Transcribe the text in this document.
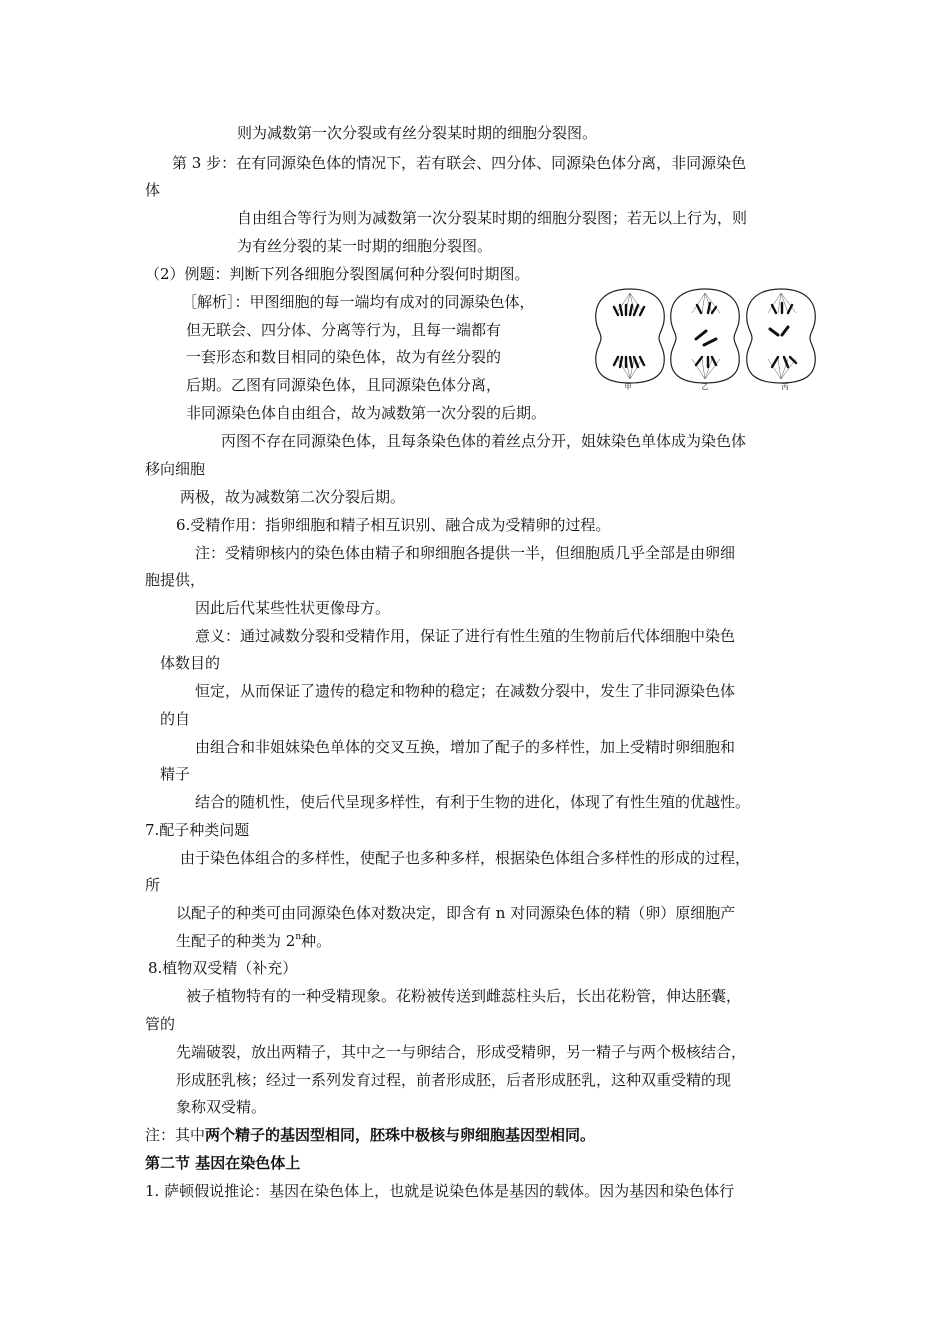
则为减数第一次分裂或有丝分裂某时期的细胞分裂图。
第 3 步：在有同源染色体的情况下，若有联会、四分体、同源染色体分离，非同源染色
体
自由组合等行为则为减数第一次分裂某时期的细胞分裂图；若无以上行为，则
为有丝分裂的某一时期的细胞分裂图。
（2）例题：判断下列各细胞分裂图属何种分裂何时期图。
［解析］：甲图细胞的每一端均有成对的同源染色体，
但无联会、四分体、分离等行为，且每一端都有
一套形态和数目相同的染色体，故为有丝分裂的
后期。乙图有同源染色体，且同源染色体分离，
非同源染色体自由组合，故为减数第一次分裂的后期。
丙图不存在同源染色体，且每条染色体的着丝点分开，姐妹染色单体成为染色体
移向细胞
两极，故为减数第二次分裂后期。
6.受精作用：指卵细胞和精子相互识别、融合成为受精卵的过程。
注：受精卵核内的染色体由精子和卵细胞各提供一半，但细胞质几乎全部是由卵细
胞提供，
因此后代某些性状更像母方。
意义：通过减数分裂和受精作用，保证了进行有性生殖的生物前后代体细胞中染色
体数目的
恒定，从而保证了遗传的稳定和物种的稳定；在减数分裂中，发生了非同源染色体
的自
由组合和非姐妹染色单体的交叉互换，增加了配子的多样性，加上受精时卵细胞和
精子
结合的随机性，使后代呈现多样性，有利于生物的进化，体现了有性生殖的优越性。
7.配子种类问题
由于染色体组合的多样性，使配子也多种多样，根据染色体组合多样性的形成的过程，
所
以配子的种类可由同源染色体对数决定，即含有 n 对同源染色体的精（卵）原细胞产
生配子的种类为 2$^n$种。
8.植物双受精（补充）
被子植物特有的一种受精现象。花粉被传送到雌蕊柱头后，长出花粉管，伸达胚囊，
管的
先端破裂，放出两精子，其中之一与卵结合，形成受精卵，另一精子与两个极核结合，
形成胚乳核；经过一系列发育过程，前者形成胚，后者形成胚乳，这种双重受精的现
象称双受精。
注：其中两个精子的基因型相同，胚珠中极核与卵细胞基因型相同。
第二节 基因在染色体上
1. 萨顿假说推论：基因在染色体上，也就是说染色体是基因的载体。因为基因和染色体行
甲	乙	丙
